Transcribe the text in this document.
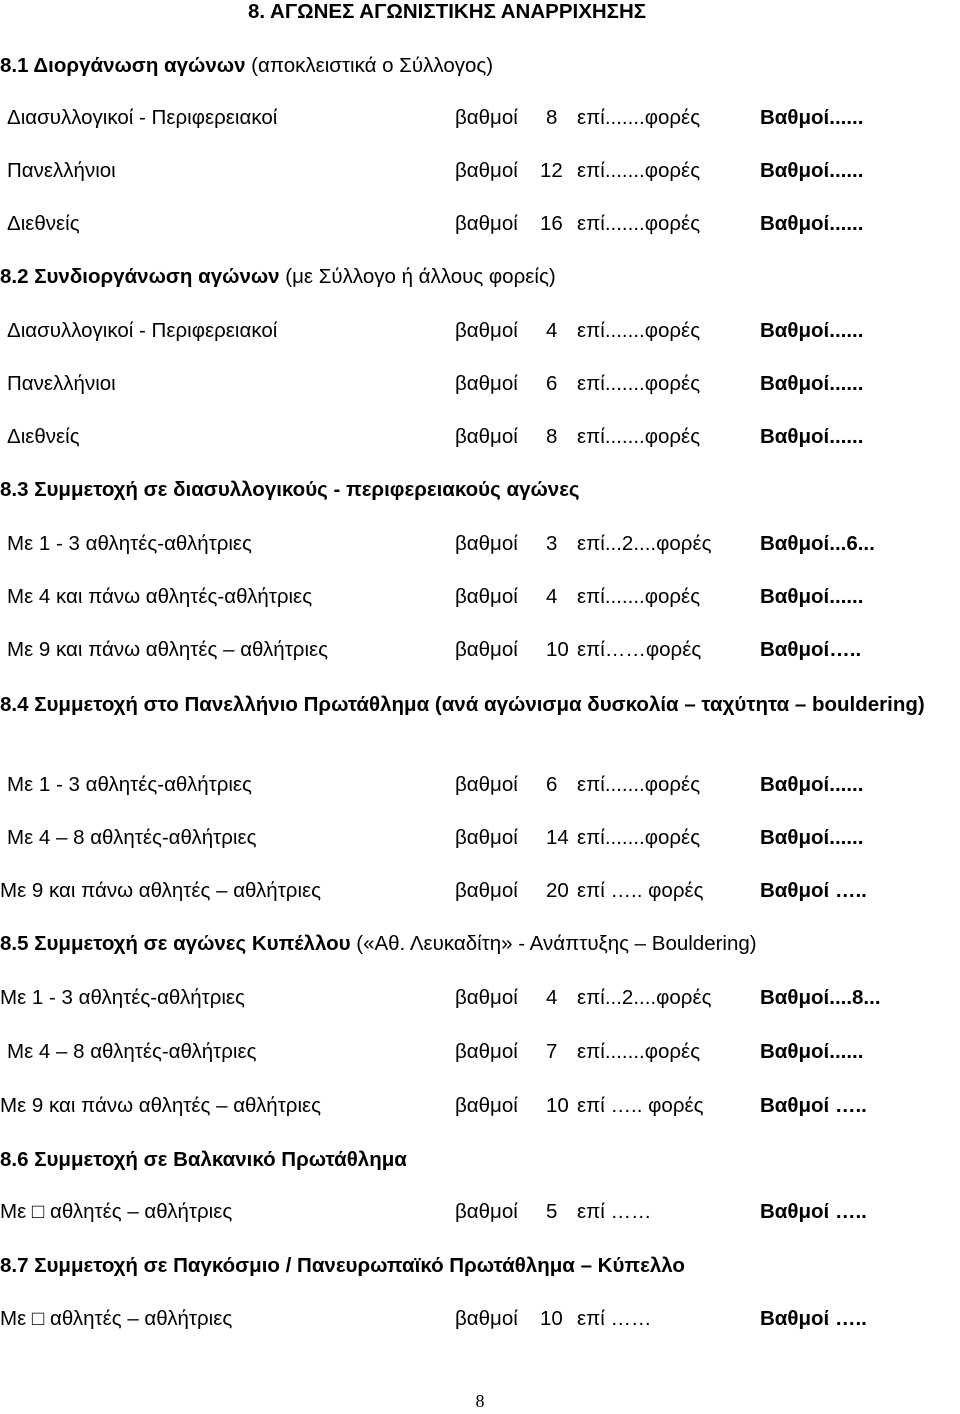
8. ΑΓΩΝΕΣ ΑΓΩΝΙΣΤΙΚΗΣ ΑΝΑΡΡΙΧΗΣΗΣ
8.1 Διοργάνωση αγώνων (αποκλειστικά ο Σύλλογος)
Διασυλλογικοί - Περιφερειακοί	βαθμοί 8 επί.......φορές	Βαθμοί......
Πανελλήνιοι	βαθμοί 12 επί.......φορές	Βαθμοί......
Διεθνείς	βαθμοί 16 επί.......φορές	Βαθμοί......
8.2 Συνδιοργάνωση αγώνων (με Σύλλογο ή άλλους φορείς)
Διασυλλογικοί - Περιφερειακοί	βαθμοί 4 επί.......φορές	Βαθμοί......
Πανελλήνιοι	βαθμοί 6 επί.......φορές	Βαθμοί......
Διεθνείς	βαθμοί 8 επί.......φορές	Βαθμοί......
8.3 Συμμετοχή σε διασυλλογικούς - περιφερειακούς αγώνες
Με 1 - 3 αθλητές-αθλήτριες	βαθμοί 3 επί...2....φορές Βαθμοί...6...
Με 4 και πάνω αθλητές-αθλήτριες	βαθμοί 4 επί.......φορές	Βαθμοί......
Με 9 και πάνω αθλητές – αθλήτριες	βαθμοί 10 επί……φορές	Βαθμοί…..
8.4 Συμμετοχή στο Πανελλήνιο Πρωτάθλημα (ανά αγώνισμα δυσκολία – ταχύτητα – bouldering)
Με 1 - 3 αθλητές-αθλήτριες	βαθμοί 6 επί.......φορές	Βαθμοί......
Με 4 – 8 αθλητές-αθλήτριες	βαθμοί 14 επί.......φορές	Βαθμοί......
Με 9 και πάνω αθλητές – αθλήτριες	βαθμοί 20 επί ….. φορές	Βαθμοί …..
8.5 Συμμετοχή σε αγώνες Κυπέλλου («Αθ. Λευκαδίτη» - Ανάπτυξης – Bouldering)
Με 1 - 3 αθλητές-αθλήτριες	βαθμοί 4 επί...2....φορές Βαθμοί....8...
Με 4 – 8 αθλητές-αθλήτριες	βαθμοί 7 επί.......φορές	Βαθμοί......
Με 9 και πάνω αθλητές – αθλήτριες	βαθμοί 10 επί ….. φορές	Βαθμοί …..
8.6 Συμμετοχή σε Βαλκανικό Πρωτάθλημα
Με □ αθλητές – αθλήτριες	βαθμοί 5 επί ……	Βαθμοί …..
8.7 Συμμετοχή σε Παγκόσμιο / Πανευρωπαϊκό Πρωτάθλημα – Κύπελλο
Με □ αθλητές – αθλήτριες	βαθμοί 10 επί ……	Βαθμοί …..
8
